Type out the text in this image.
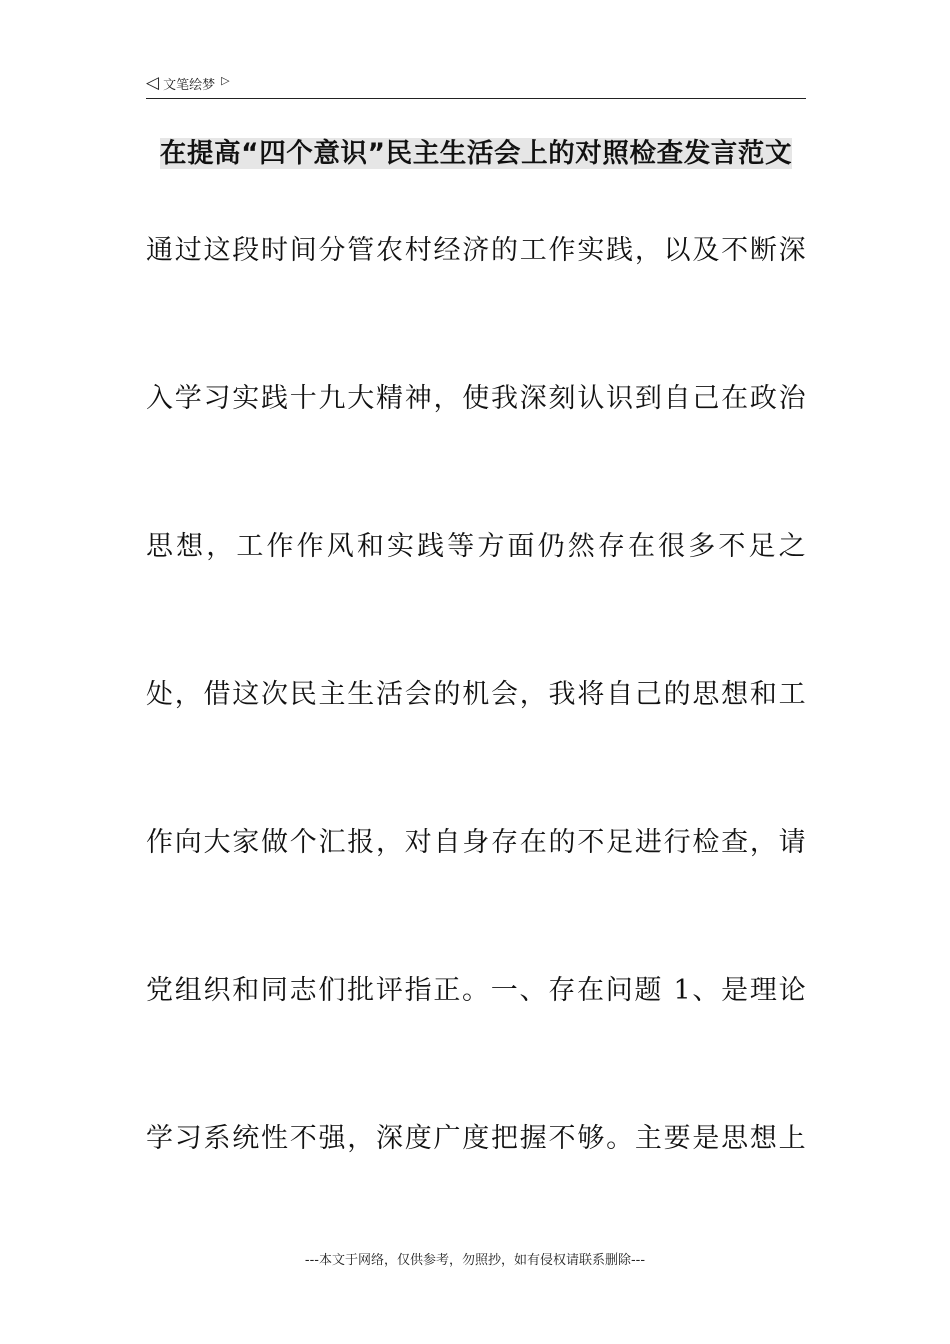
◁ 文笔绘梦 ▷
在提高“四个意识”民主生活会上的对照检查发言范文
通过这段时间分管农村经济的工作实践，以及不断深
入学习实践十九大精神，使我深刻认识到自己在政治
思想，工作作风和实践等方面仍然存在很多不足之
处，借这次民主生活会的机会，我将自己的思想和工
作向大家做个汇报，对自身存在的不足进行检查，请
党组织和同志们批评指正。一、存在问题 1、是理论
学习系统性不强，深度广度把握不够。主要是思想上
---本文于网络，仅供参考，勿照抄，如有侵权请联系删除---
